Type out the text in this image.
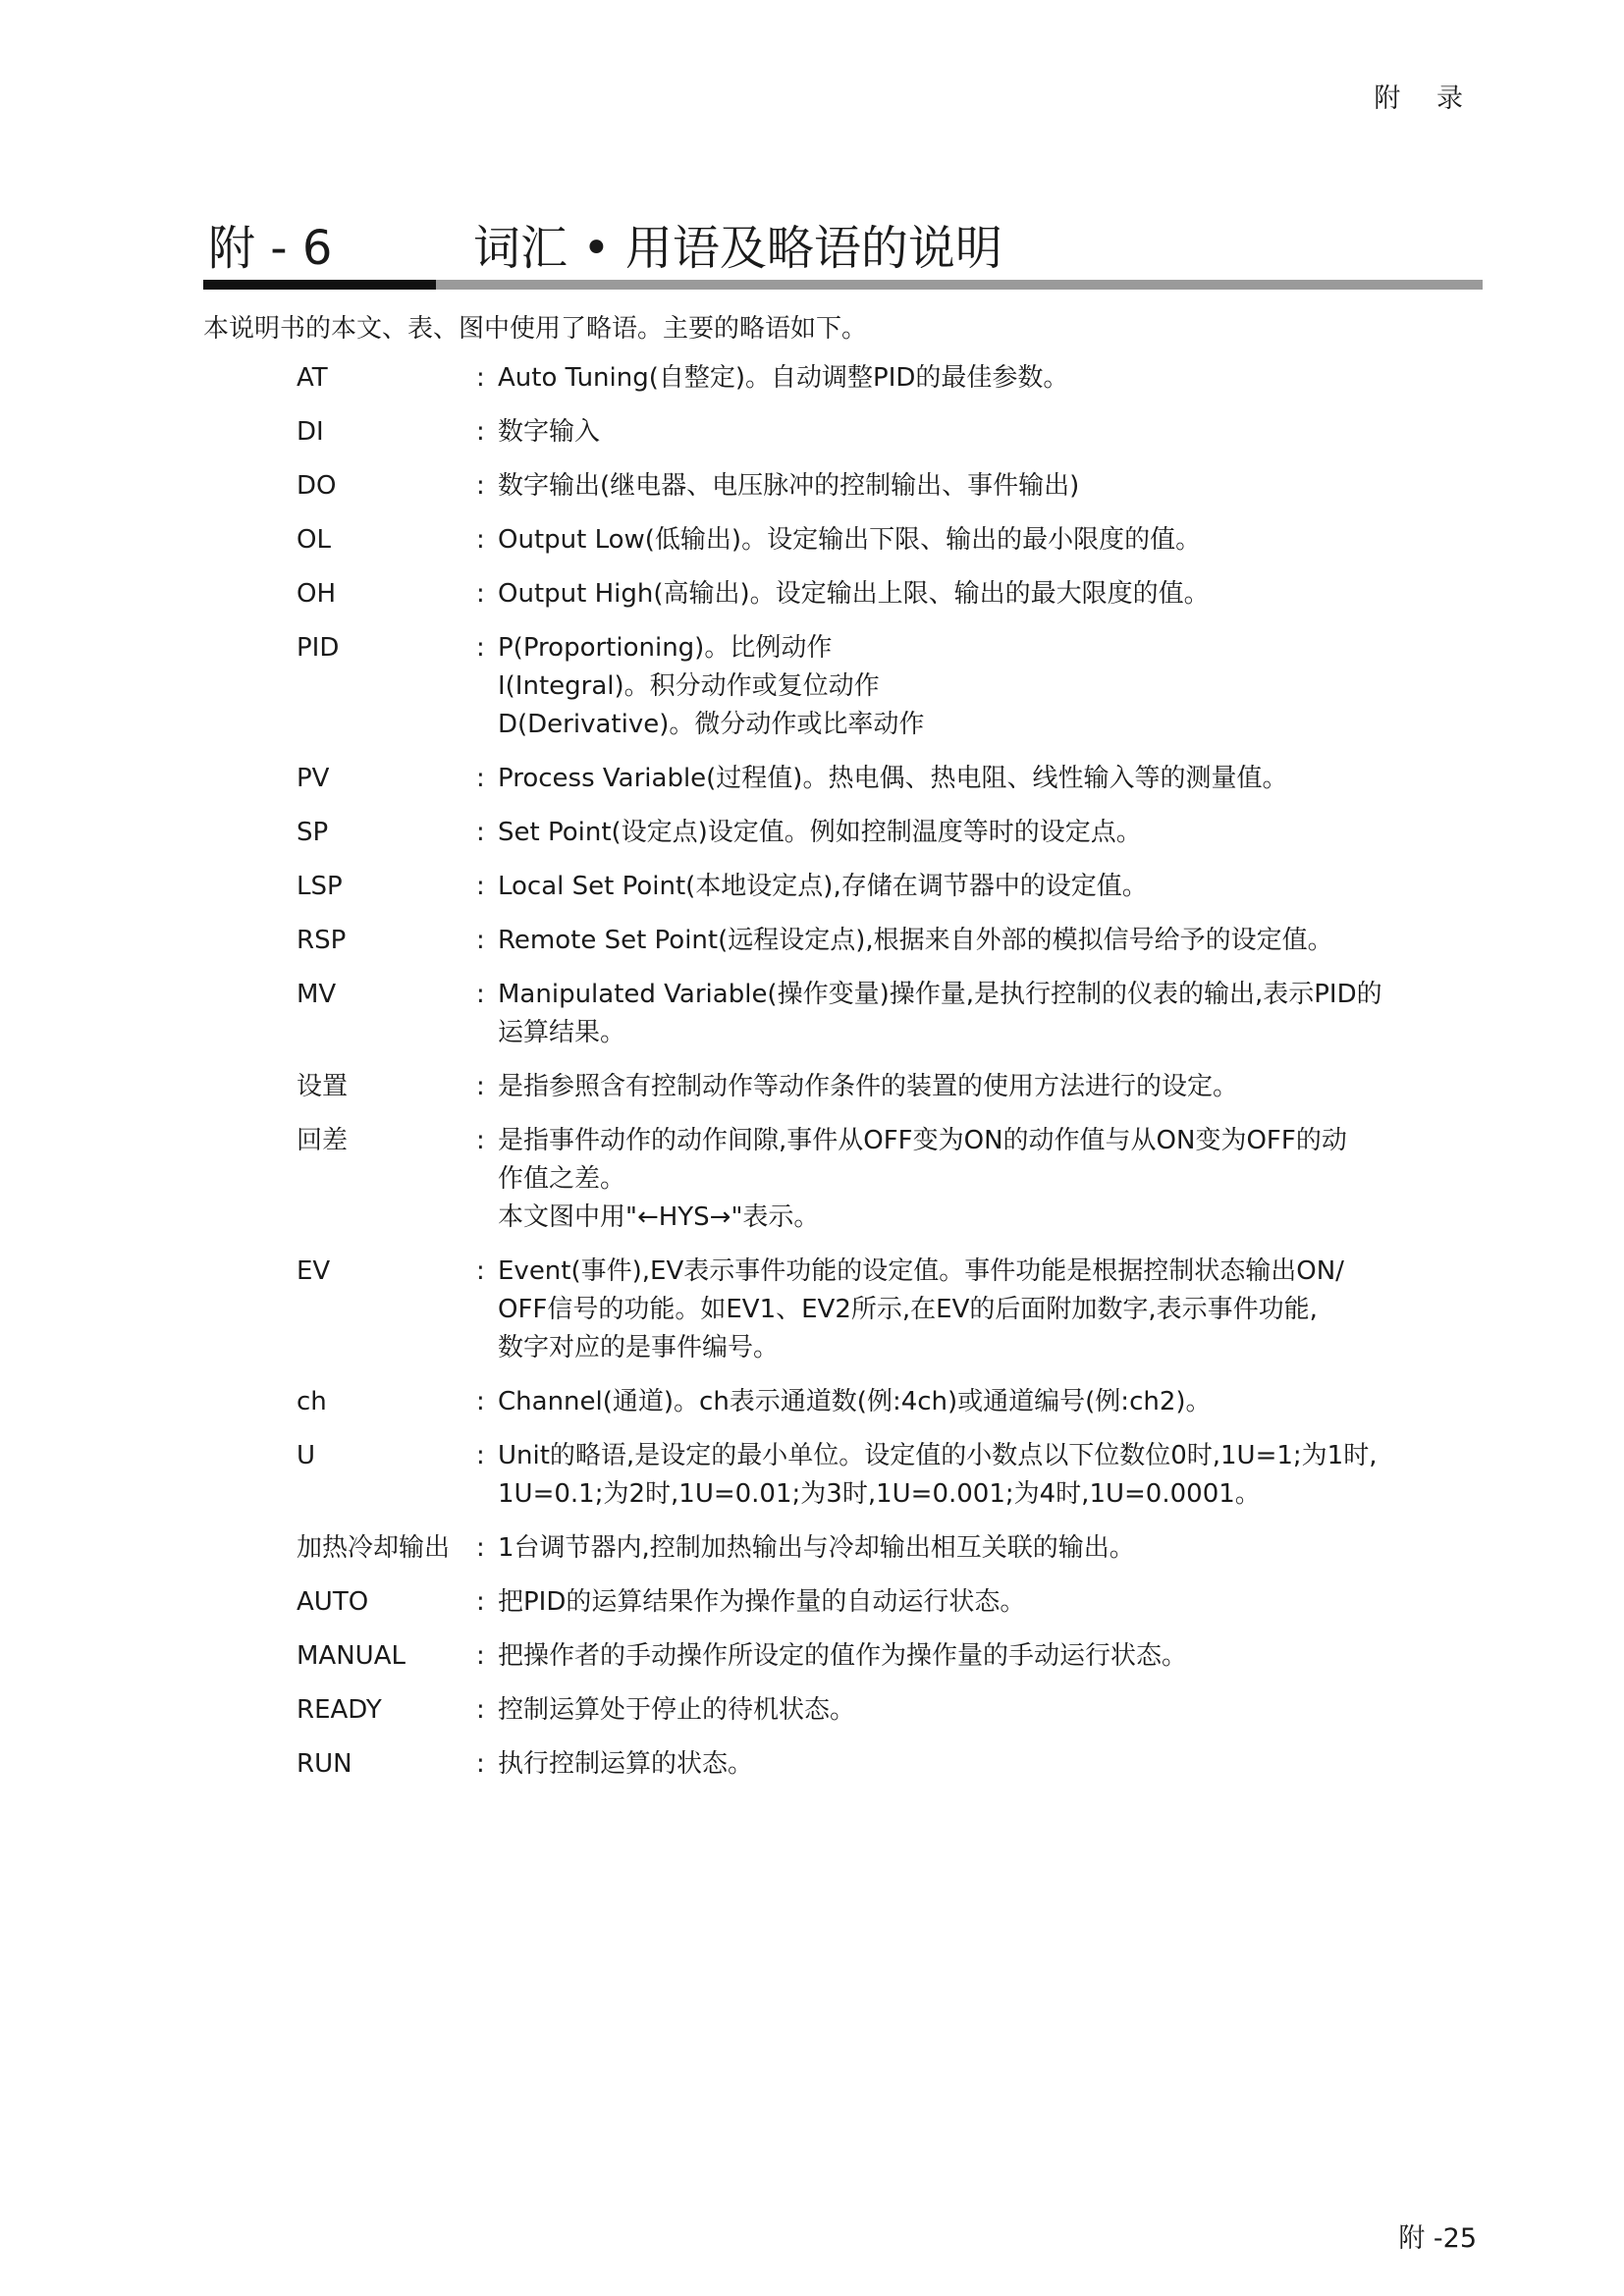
附 录
附 - 6	词汇 • 用语及略语的说明
本说明书的本文、表、图中使用了略语。主要的略语如下。
AT	: Auto Tuning(自整定)。自动调整PID的最佳参数。
DI	: 数字输入
DO	: 数字输出(继电器、电压脉冲的控制输出、事件输出)
OL	: Output Low(低输出)。设定输出下限、输出的最小限度的值。
OH	: Output High(高输出)。设定输出上限、输出的最大限度的值。
PID	: P(Proportioning)。比例动作
I(Integral)。积分动作或复位动作
D(Derivative)。微分动作或比率动作
PV	: Process Variable(过程值)。热电偶、热电阻、线性输入等的测量值。
SP	: Set Point(设定点)设定值。例如控制温度等时的设定点。
LSP	: Local Set Point(本地设定点),存储在调节器中的设定值。
RSP	: Remote Set Point(远程设定点),根据来自外部的模拟信号给予的设定值。
MV	: Manipulated Variable(操作变量)操作量,是执行控制的仪表的输出,表示PID的
运算结果。
设置	: 是指参照含有控制动作等动作条件的装置的使用方法进行的设定。
回差	: 是指事件动作的动作间隙,事件从OFF变为ON的动作值与从ON变为OFF的动
作值之差。
本文图中用"←HYS→"表示。
EV	: Event(事件),EV表示事件功能的设定值。事件功能是根据控制状态输出ON/
OFF信号的功能。如EV1、EV2所示,在EV的后面附加数字,表示事件功能,
数字对应的是事件编号。
ch	: Channel(通道)。ch表示通道数(例:4ch)或通道编号(例:ch2)。
U	: Unit的略语,是设定的最小单位。设定值的小数点以下位数位0时,1U=1;为1时,
1U=0.1;为2时,1U=0.01;为3时,1U=0.001;为4时,1U=0.0001。
加热冷却输出	: 1台调节器内,控制加热输出与冷却输出相互关联的输出。
AUTO	: 把PID的运算结果作为操作量的自动运行状态。
MANUAL	: 把操作者的手动操作所设定的值作为操作量的手动运行状态。
READY	: 控制运算处于停止的待机状态。
RUN	: 执行控制运算的状态。
附 -25
